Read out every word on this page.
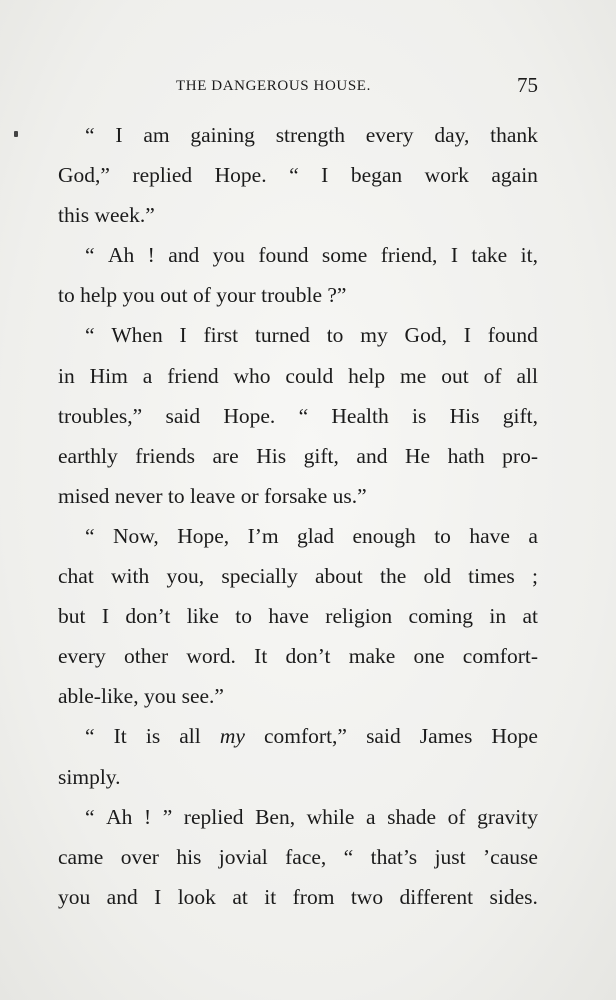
THE DANGEROUS HOUSE.	75
“ I am gaining strength every day, thank
God,” replied Hope. “ I began work again
this
week.”
“ Ah ! and you found some friend, I take it,
to
help
you
out
of
your
trouble
?”
“ When I first turned to my God, I found
in Him a friend who could help me out of all
troubles,” said Hope. “ Health is His gift,
earthly friends are His gift, and He hath pro-
mised
never
to
leave
or
forsake
us.”
“ Now, Hope, I’m glad enough to have a
chat with you, specially about the old times ;
but I don’t like to have religion coming in at
every other word. It don’t make one comfort-
able-like,
you
see.”
“ It is all my comfort,” said James Hope
simply.
“ Ah ! ” replied Ben, while a shade of gravity
came over his jovial face, “ that’s just ’cause
you and I look at it from two different sides.
